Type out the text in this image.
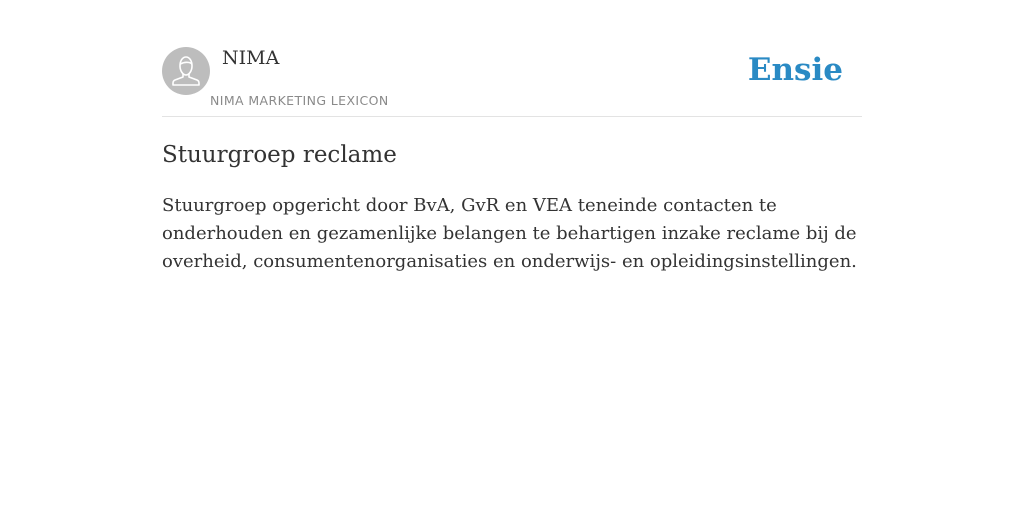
NIMA
NIMA MARKETING LEXICON
Ensie
Stuurgroep reclame

Stuurgroep opgericht door BvA, GvR en VEA teneinde contacten te onderhouden en gezamenlijke belangen te behartigen inzake reclame bij de overheid, consumentenorganisaties en onderwijs- en opleidingsinstellingen.
